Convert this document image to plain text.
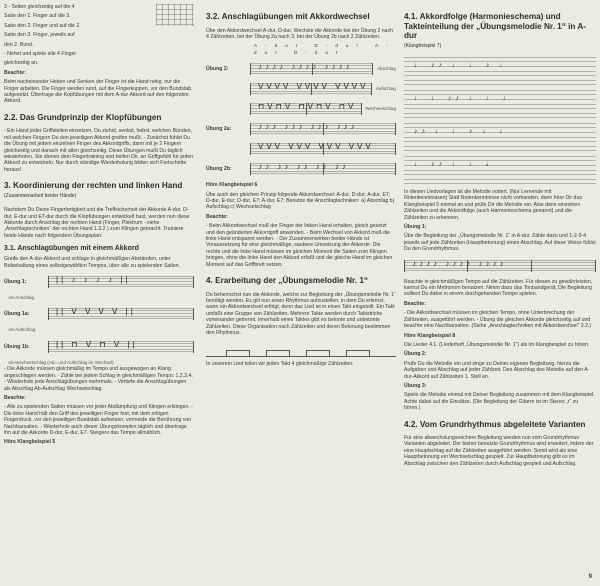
3 - Seiten gleichzeitig auf die 4

Saite den 1. Finger auf die 3.

Saite den 2. Finger und auf die 2.

Saite den 3. Finger, jeweils auf

den 2. Bund.

- Nehet und spiele alle 4 Finger

gleichzeitig an.

Beachte:

Beim nacheinander Heben und Senken der Finger ist die Hand ruhig, nur die Finger arbeiten. Die Finger werden rund, auf die Fingerkuppen, vor den Bundstab aufgesetzt. Übertrage die Kopfübungen mit dem A-dur Akkord auf den folgenden Akkord.

2.2. Das Grundprinzip der Klopfübungen

- Ein Hand jeder Griffstellen einsetzen. Du ziehst, senkst, hebst, welchen Bünden, mit welchen Fingern Du den jeweiligen Akkord greifen mußt. - Zunächst fühlst Du die Übung mit jedem einzelnen Finger des Akkordgriffs, dann mit je 2 Fingern gleichzeitig und danach mit allen gleichzeitig. Diese Übungen mußt Du täglich wiederholen. Sie dienen dem Fingertraining und helfen Dir, an Griffgefühl für jeden Akkord zu entwickeln. Nur durch ständige Wiederholung bilden sich Fortschritte heraus!

3. Koordinierung der rechten und linken Hand
(Zusammenarbeit beider Hände)

Nachdem Du Deine Fingerfertigkeit und die Treffsicherheit der Akkorde A-dur, D-dur, E-dur und E7-dur durch die Klopfübungen entwickelt hast, werden nun diese Akkorde durch Anschlag der rechten Hand (Finger, Plektrum - siehe „Anschlagtechniken“ der rechten Hand 1.3.2.) zum Klingen gebracht. Trainiere beide Hände nach folgendem Übungsplan:

3.1. Anschlagübungen mit einem Akkord

Greife den A-dur-Akkord und schlage in gleichmäßigen Abständen, unter Beibehaltung eines selbstgewählten Tempos, über alle zu spielenden Saiten.

Übung 1:	|| ♪ ♪ ♪ ♪ ||
Ab-Anschlag
Übung 1a:	|| V V V V ||
Ab-Aufschlag
Übung 1b:	|| ⊓ V ⊓ V ||
Ab-Wechselschlag (Ab= und Aufschlag im Wechsel)

- Die Akkorde müssen gleichmäßig im Tempo und ausgewogen an Klang angeschlagen werden. - Zähle bei jedem Schlag in gleichmäßigen Tempo: 1,2,3,4. - Wiederhole jede Anschlagübungen mehrmals. - Vertiefe die Anschlagübungen als Abschlag Ab-Aufschlag Wechselschlag.

Beachte:

- Alle zu spielenden Saiten müssen vor jeder Abdämpfung und Klingen erklingen. - Die linke Hand hält den Griff des jeweiligen Finger fest, mit dem nötigen Fingerdruck, vor den jeweiligen Bundstab aufsetzen, vermeide die Berührung von Nachbarsaiten. - Wiederhole auch dieser Übungskomplex täglich und übertrage ihn auf die Akkorde D-dur, E-dur, E7. Steigere das Tempo allmählich.

Hörs Klangbeispiel 5

3.2. Anschlagübungen mit Akkordwechsel

Übe den Akkordwechsel A-dur, D-dur. Wechsle die Akkorde bei der Übung 2 nach 4 Zählzeiten, bei der Übung 2a nach 3, bei der Übung 2b nach 2 Zählzeiten.

A-dur D-dur A-dur D-dur
Übung 2:	♪♪♪♪ ♪♪♪♪ ♪♪♪♪	Abschlag
VVVV VVVV VVVV Aufschlag
⊓V⊓V ⊓V⊓V ⊓V Wechselschlag
Übung 2a:	♪♪♪ ♪♪♪ ♪♪♪ ♪♪♪
VVV VVV VVV VVV
Übung 2b:	♪♪ ♪♪ ♪♪ ♪♪ ♪♪

Höre Klangbeispiel 6

Übe auch den gleichen Prinzip folgende Akkordwechsel: A-dur, D-dur; A-dur, E7; D-dur, E-dur; D-dur, E7; A-dur, E7; Benutze die Anschlagtechniken: a) Abschlag b) Aufschlag c) Wechselschlag

Beachte:

- Beim Akkordwechsel muß der Finger der linken Hand erhalten, gleich gesetzt und den geänderten Akkordgriff anwenden. - Beim Wechsel von Akkord muß die linke Hand entspannt werden. - Der Zusammenwirken beider Hände ist Voraussetzung für eine gleichmäßige, saubere Umsetzung der Akkorde. Die rechte und die linke Hand müssen im gleichen Moment die Saiten zum Klingen bringen, ohne die linke Hand den Akkord erfaßt und die gleiche Hand im gleichen Moment auf das Griffbrett setzen.

4. Erarbeitung der „Übungsmelodie Nr. 1“

Du beherrschst nun die Akkorde, welche zur Begleitung der „Übungsmelodie Nr. 1“ benötigt werden. Es gilt nun einen Rhythmus aufzustellen, in dem Du erlernst, wann ein Akkordwechsel erfolgt, denn das Lied ist in einen Takt eingeteilt. Ein Takt umfaßt eine Gruppe von Zählzeiten. Mehrere Takte werden durch Taktstriche voneinander getrennt. Innerhalb eines Taktes gibt es betonte und unbetonte Zählzeiten. Diese Organisation nach Zählzeiten und deren Betonung bestimmen den Rhythmus.

In unserem Lied teilen wir jeden Takt 4 gleichmäßige Zählzeiten:

4.1. Akkordfolge (Harmonieschema) und Takteinteilung der „Übungsmelodie Nr. 1“ in A-dur
(Klangbeispiel 7)
♩ ♪♪ ♩ ♩ ♪ ♩
♩ ♩ ♪♪ ♩ ♩ ♩
♪♪ ♩ ♩ ♪ ♩ ♩
♩ ♪♪ ♩ ♩ 𝅗𝅥

In diesen Liedvorlagen ist die Melodie notiert. (Nur Lernende mit Notenkenntnissen) Statt Notenkenntnisse nicht vorhanden, dann höre Dir das Klangbeispiel 5 einmal an und prüfe Dir die Melodie ein. Also dann einzelnen Zählzeiten und die Akkordfolge (auch Harmonieschema genannt) und die Zählzeiten zu erkennen.

Übung 1:

Übe die Begleitung der „Übungsmelodie Nr. 1“ in A-dur. Zähle dazu und 1-2-3-4 jeweils auf jede Zählzeiten (Hauptbetonung) einen Abschlag. Auf diese Weise fühlst Du den Grundrhythmus.

♪♪♪♪ ♪♪♪♪ ♪♪♪♪

Beachte in gleichmäßigen Tempo auf die Zählzeiten. Für diesen zu gewährleisten, kannst Du ein Metronom benutzen. Nimm dazu das Tonbandgerät; Die Begleitung solltest Du dabei in einem durchgehenden Tempo spielen.

Beachte:

- Die Akkordwechsel müssen im gleichen Tempo, ohne Unterbrechung der Zählzeiten, ausgeführt werden. - Übung die gleichen Akkorde gleichzeitig auf und beachte eine Nachbarsaiten. (Siehe „Anschlagtechniken mit Akkordwechsel“ 3.2.)

Höre Klangbeispiel 8

Die Lieder 4.1. (Liederheft „Übungsmelodie Nr. 1“) als im Klangbeispiel zu hören.

Übung 2:

Prüfe Du die Melodie ein und singe zu Deiner eigenen Begleitung, hierzu die Aufgaben und Abschlag auf jeder Zählzeit. Den Abschlag des Melodie auf den A-dur-Akkord auf Zählzeiten 1. Stell an.

Übung 3:

Spiele die Melodie einmal mit Deiner Begleitung zusammen mit dem Klangbeispiel. Achte dabei auf die Einsätze. (Die Begleitung der Gitarre ist im Stereo „r“ zu hören.)

4.2. Vom Grundrhythmus abgeleitete Varianten

Für eine abwechslungsreichere Begleitung werden nun vom Grundrhythmus Varianten abgeleitet. Der bisher benutzte Grundrhythmus wird erweitert, indem der eine Hauptschlag auf die Zählzeiten ausgeführt werden. Somit wird als eine Hauptbetonung ein Wechselschlag gespielt. Zur Hauptbetonung gibt es im Abschlag zwischen den Zählzeiten durch Aufschlag gespielt und Aufschlag.

9
